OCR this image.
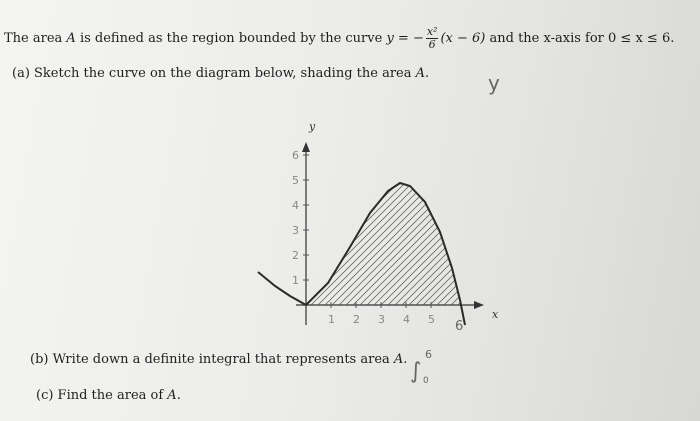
The area A is defined as the region bounded by the curve y = − $\frac{\text{x²}}{6} (x - 6)$ and the x-axis for 0 ≤ x ≤ 6.
(a) Sketch the curve on the diagram below, shading the area A.
(b) Write down a definite integral that represents area A.
(c) Find the area of A.
y
x
1 2 3 4 5
6
5
4
3
2
1
y
6
∫
6
0
